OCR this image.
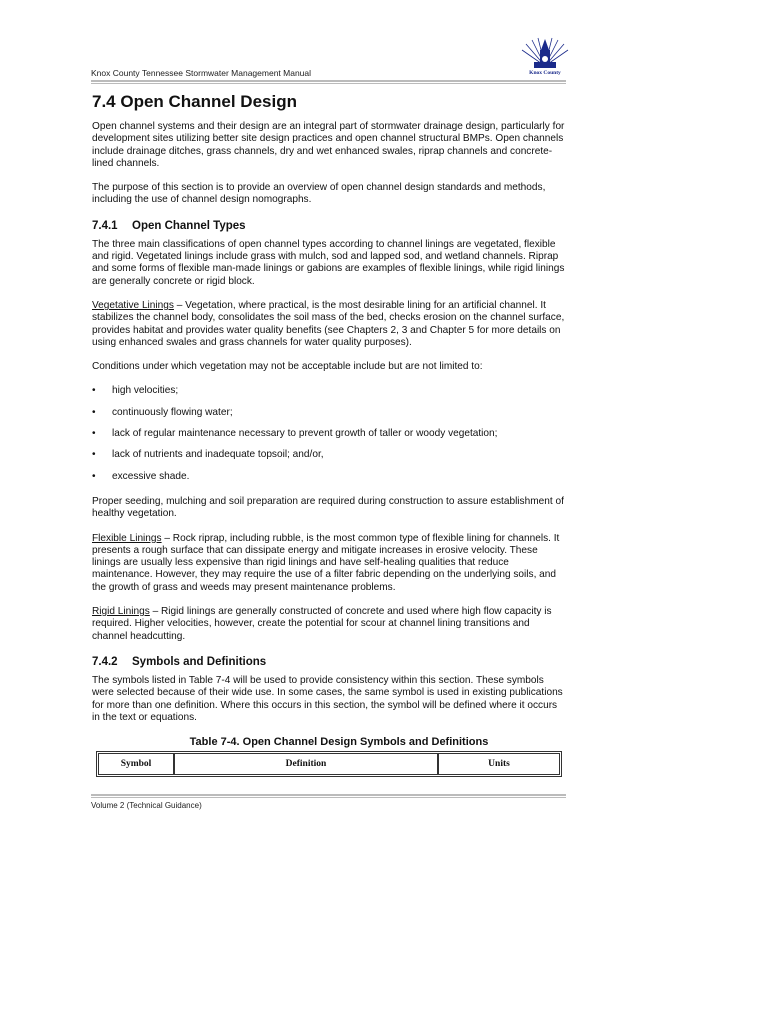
Knox County Tennessee Stormwater Management Manual	Knox County
7.4 Open Channel Design

Open channel systems and their design are an integral part of stormwater drainage design, particularly for development sites utilizing better site design practices and open channel structural BMPs. Open channels include drainage ditches, grass channels, dry and wet enhanced swales, riprap channels and concrete-lined channels.

The purpose of this section is to provide an overview of open channel design standards and methods, including the use of channel design nomographs.

7.4.1 Open Channel Types

The three main classifications of open channel types according to channel linings are vegetated, flexible and rigid. Vegetated linings include grass with mulch, sod and lapped sod, and wetland channels. Riprap and some forms of flexible man-made linings or gabions are examples of flexible linings, while rigid linings are generally concrete or rigid block.

Vegetative Linings – Vegetation, where practical, is the most desirable lining for an artificial channel. It stabilizes the channel body, consolidates the soil mass of the bed, checks erosion on the channel surface, provides habitat and provides water quality benefits (see Chapters 2, 3 and Chapter 5 for more details on using enhanced swales and grass channels for water quality purposes).

Conditions under which vegetation may not be acceptable include but are not limited to:

• high velocities;
• continuously flowing water;
• lack of regular maintenance necessary to prevent growth of taller or woody vegetation;
• lack of nutrients and inadequate topsoil; and/or,
• excessive shade.

Proper seeding, mulching and soil preparation are required during construction to assure establishment of healthy vegetation.

Flexible Linings – Rock riprap, including rubble, is the most common type of flexible lining for channels. It presents a rough surface that can dissipate energy and mitigate increases in erosive velocity. These linings are usually less expensive than rigid linings and have self-healing qualities that reduce maintenance. However, they may require the use of a filter fabric depending on the underlying soils, and the growth of grass and weeds may present maintenance problems.

Rigid Linings – Rigid linings are generally constructed of concrete and used where high flow capacity is required. Higher velocities, however, create the potential for scour at channel lining transitions and channel headcutting.

7.4.2 Symbols and Definitions

The symbols listed in Table 7-4 will be used to provide consistency within this section. These symbols were selected because of their wide use. In some cases, the same symbol is used in existing publications for more than one definition. Where this occurs in this section, the symbol will be defined where it occurs in the text or equations.

Table 7-4. Open Channel Design Symbols and Definitions
Symbol	Definition	Units
Volume 2 (Technical Guidance)
